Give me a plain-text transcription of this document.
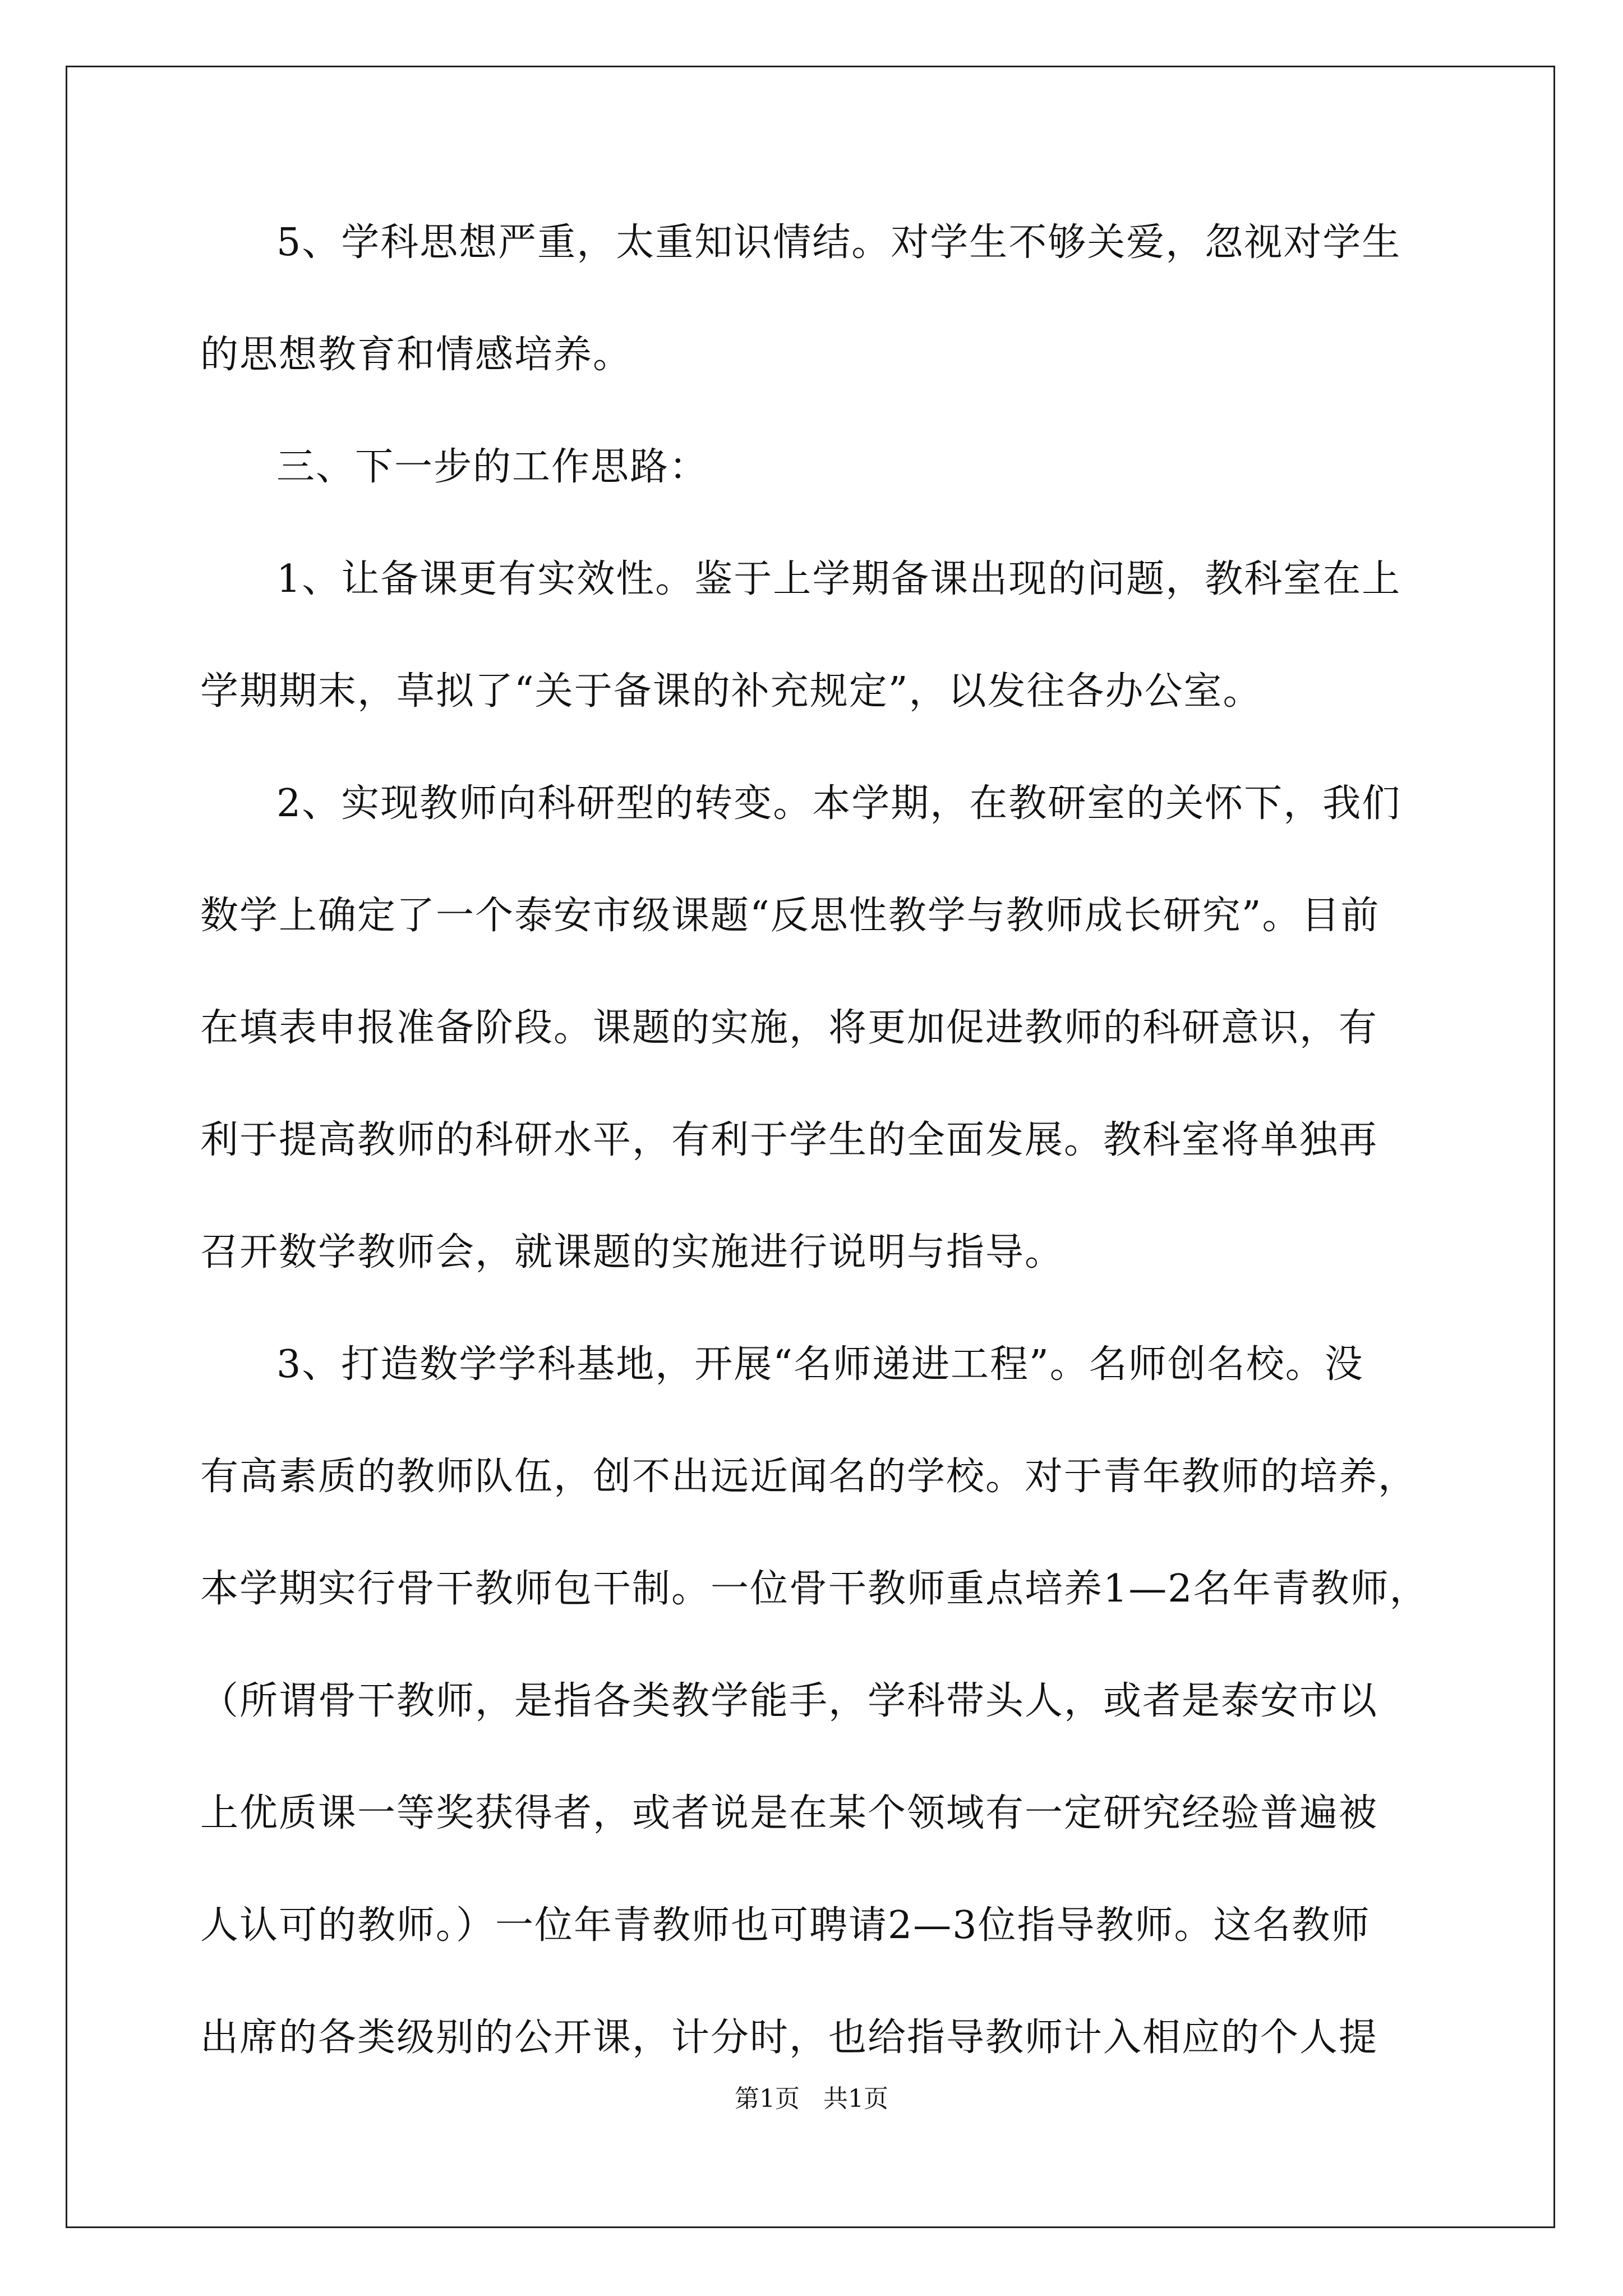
5、学科思想严重，太重知识情结。对学生不够关爱，忽视对学生
的思想教育和情感培养。
三、下一步的工作思路：
1、让备课更有实效性。鉴于上学期备课出现的问题，教科室在上
学期期末，草拟了“关于备课的补充规定”，以发往各办公室。
2、实现教师向科研型的转变。本学期，在教研室的关怀下，我们
数学上确定了一个泰安市级课题“反思性教学与教师成长研究”。目前
在填表申报准备阶段。课题的实施，将更加促进教师的科研意识，有
利于提高教师的科研水平，有利于学生的全面发展。教科室将单独再
召开数学教师会，就课题的实施进行说明与指导。
3、打造数学学科基地，开展“名师递进工程”。名师创名校。没
有高素质的教师队伍，创不出远近闻名的学校。对于青年教师的培养，
本学期实行骨干教师包干制。一位骨干教师重点培养1—2名年青教师，
（所谓骨干教师，是指各类教学能手，学科带头人，或者是泰安市以
上优质课一等奖获得者，或者说是在某个领域有一定研究经验普遍被
人认可的教师。）一位年青教师也可聘请2—3位指导教师。这名教师
出席的各类级别的公开课，计分时，也给指导教师计入相应的个人提
第1页   共1页
